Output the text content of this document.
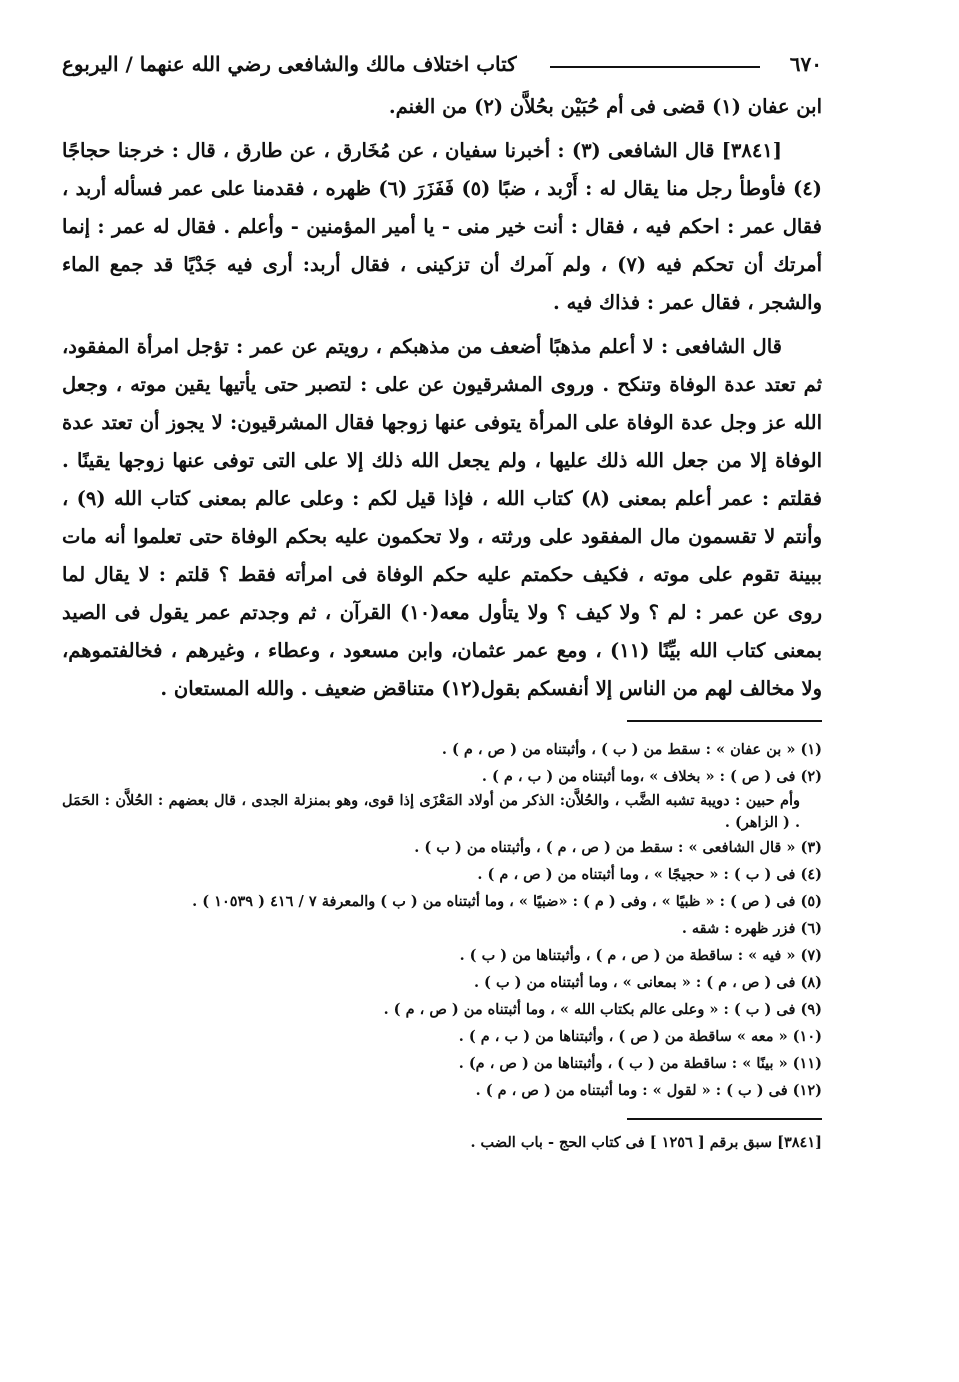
٦٧٠
كتاب اختلاف مالك والشافعى رضي الله عنهما / اليربوع

ابن عفان (١) قضى فى أم حُبَيْن بحُلاَّن (٢) من الغنم.

[٣٨٤١] قال الشافعى (٣) : أخبرنا سفيان ، عن مُخَارق ، عن طارق ، قال : خرجنا حجاجًا (٤) فأوطأ رجل منا يقال له : أَرْبد ، ضبًا (٥) فَفَزَرَ (٦) ظهره ، فقدمنا على عمر فسأله أربد ، فقال عمر : احكم فيه ، فقال : أنت خير منى - يا أمير المؤمنين - وأعلم . فقال له عمر : إنما أمرتك أن تحكم فيه (٧) ، ولم آمرك أن تزكينى ، فقال أربد: أرى فيه جَدْيًا قد جمع الماء والشجر ، فقال عمر : فذاك فيه .

قال الشافعى : لا أعلم مذهبًا أضعف من مذهبكم ، رويتم عن عمر : تؤجل امرأة المفقود، ثم تعتد عدة الوفاة وتنكح . وروى المشرقيون عن على : لتصبر حتى يأتيها يقين موته ، وجعل الله عز وجل عدة الوفاة على المرأة يتوفى عنها زوجها فقال المشرقيون: لا يجوز أن تعتد عدة الوفاة إلا من جعل الله ذلك عليها ، ولم يجعل الله ذلك إلا على التى توفى عنها زوجها يقينًا . فقلتم : عمر أعلم بمعنى (٨) كتاب الله ، فإذا قيل لكم : وعلى عالم بمعنى كتاب الله (٩) ، وأنتم لا تقسمون مال المفقود على ورثته ، ولا تحكمون عليه بحكم الوفاة حتى تعلموا أنه مات ببينة تقوم على موته ، فكيف حكمتم عليه حكم الوفاة فى امرأته فقط ؟ قلتم : لا يقال لما روى عن عمر : لم ؟ ولا كيف ؟ ولا يتأول معه(١٠) القرآن ، ثم وجدتم عمر يقول فى الصيد بمعنى كتاب الله بيِّنًا (١١) ، ومع عمر عثمان، وابن مسعود ، وعطاء ، وغيرهم ، فخالفتموهم، ولا مخالف لهم من الناس إلا أنفسكم بقول(١٢) متناقض ضعيف . والله المستعان .

(١) « بن عفان » : سقط من ( ب ) ، وأثبتناه من ( ص ، م ) .

(٢) فى ( ص ) : « بخلاف » ،وما أثبتناه من ( ب ، م ) .

وأم حبين : دويبة تشبه الضَّب ، والحُلاَّن: الذكر من أولاد المَعْزَى إذا قوى، وهو بمنزلة الجدى ، قال بعضهم : الحُلاَّن : الحَمَل . ( الزاهر) .

(٣) « قال الشافعى » : سقط من ( ص ، م ) ، وأثبتناه من ( ب ) .

(٤) فى ( ب ) : « حجيجًا » ، وما أثبتناه من ( ص ، م ) .

(٥) فى ( ص ) : « ظبيًا » ، وفى ( م ) : «ضبيًا » ، وما أثبتناه من ( ب ) والمعرفة ٧ / ٤١٦ ( ١٠٥٣٩ ) .

(٦) فزر ظهره : شقه .

(٧) « فيه » : ساقطة من ( ص ، م ) ، وأثبتناها من ( ب ) .

(٨) فى ( ص ، م ) : « بمعانى » ، وما أثبتناه من ( ب ) .

(٩) فى ( ب ) : « وعلى عالم بكتاب الله » ، وما أثبتناه من ( ص ، م ) .

(١٠) « معه » ساقطة من ( ص ) ، وأثبتناها من ( ب ، م ) .

(١١) « بينًا » : ساقطة من ( ب ) ، وأثبتناها من ( ص ، م) .

(١٢) فى ( ب ) : « لقول » : وما أثبتناه من ( ص ، م ) .

[٣٨٤١] سبق برقم [ ١٢٥٦ ] فى كتاب الحج - باب الضب .
